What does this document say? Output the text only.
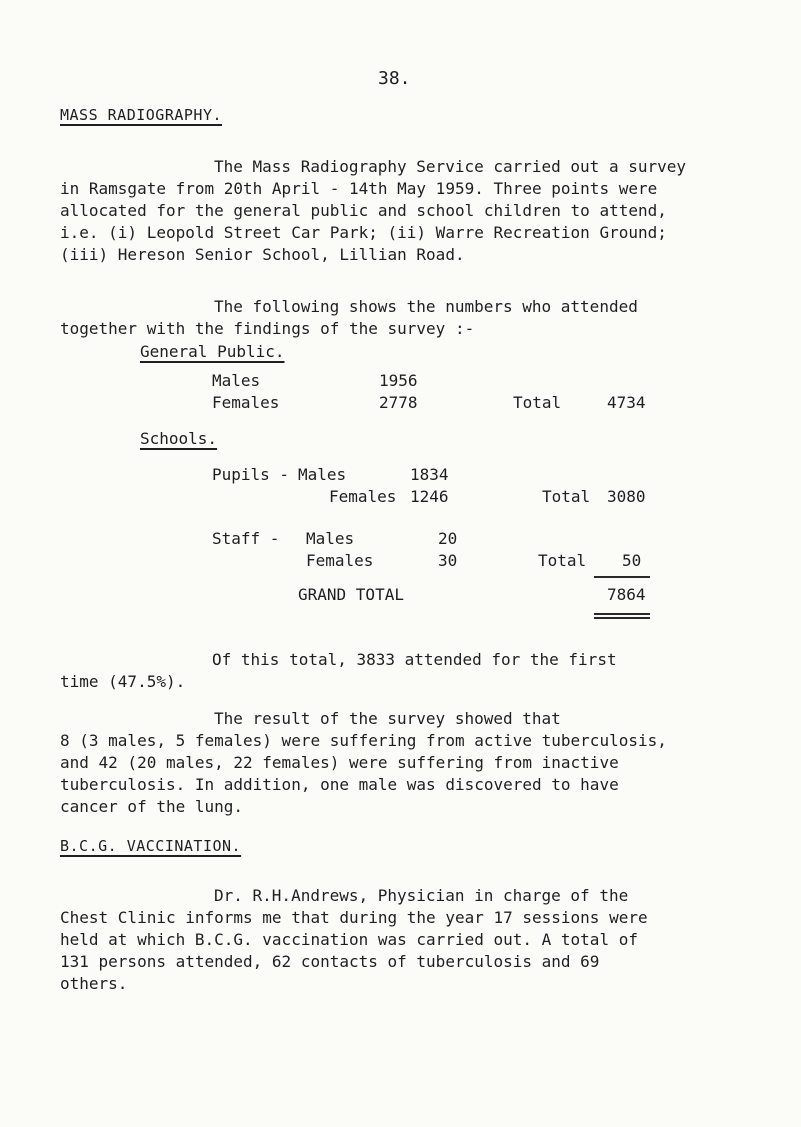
38.
MASS RADIOGRAPHY.
The Mass Radiography Service carried out a survey
in Ramsgate from 20th April - 14th May 1959. Three points were
allocated for the general public and school children to attend,
i.e. (i) Leopold Street Car Park; (ii) Warre Recreation Ground;
(iii) Hereson Senior School, Lillian Road.
The following shows the numbers who attended
together with the findings of the survey :-
General Public.
Males	1956
Females	2778	Total	4734
Schools.
Pupils - Males	1834
Females 1246	Total 3080
Staff - Males	20
Females	30	Total 50
GRAND TOTAL	7864
Of this total, 3833 attended for the first
time (47.5%).
The result of the survey showed that
8 (3 males, 5 females) were suffering from active tuberculosis,
and 42 (20 males, 22 females) were suffering from inactive
tuberculosis. In addition, one male was discovered to have
cancer of the lung.
B.C.G. VACCINATION.
Dr. R.H.Andrews, Physician in charge of the
Chest Clinic informs me that during the year 17 sessions were
held at which B.C.G. vaccination was carried out. A total of
131 persons attended, 62 contacts of tuberculosis and 69
others.
